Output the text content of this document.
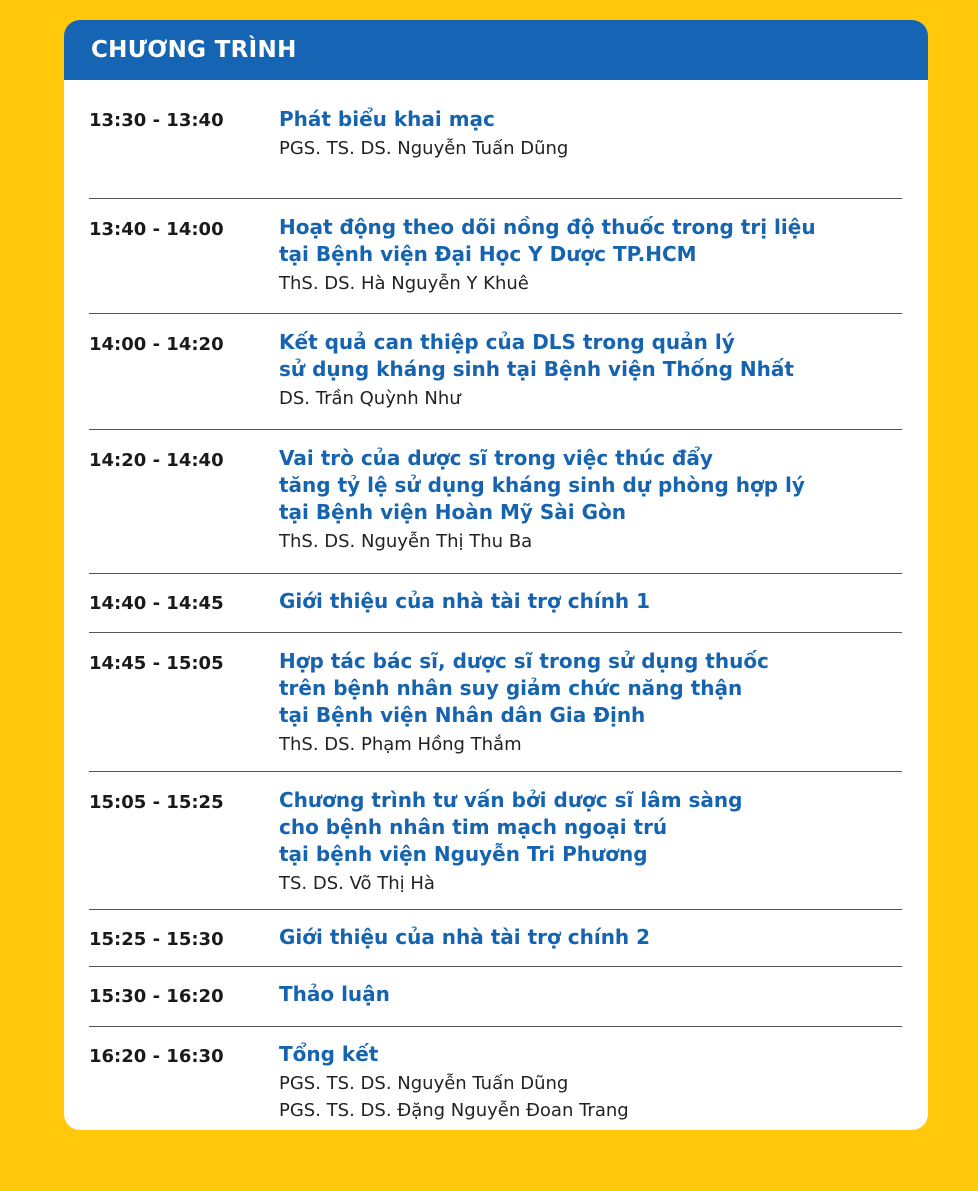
CHƯƠNG TRÌNH
13:30 - 13:40	Phát biểu khai mạc
PGS. TS. DS. Nguyễn Tuấn Dũng
13:40 - 14:00	Hoạt động theo dõi nồng độ thuốc trong trị liệu
tại Bệnh viện Đại Học Y Dược TP.HCM
ThS. DS. Hà Nguyễn Y Khuê
14:00 - 14:20	Kết quả can thiệp của DLS trong quản lý
sử dụng kháng sinh tại Bệnh viện Thống Nhất
DS. Trần Quỳnh Như
14:20 - 14:40	Vai trò của dược sĩ trong việc thúc đẩy
tăng tỷ lệ sử dụng kháng sinh dự phòng hợp lý
tại Bệnh viện Hoàn Mỹ Sài Gòn
ThS. DS. Nguyễn Thị Thu Ba
14:40 - 14:45	Giới thiệu của nhà tài trợ chính 1
14:45 - 15:05	Hợp tác bác sĩ, dược sĩ trong sử dụng thuốc
trên bệnh nhân suy giảm chức năng thận
tại Bệnh viện Nhân dân Gia Định
ThS. DS. Phạm Hồng Thắm
15:05 - 15:25	Chương trình tư vấn bởi dược sĩ lâm sàng
cho bệnh nhân tim mạch ngoại trú
tại bệnh viện Nguyễn Tri Phương
TS. DS. Võ Thị Hà
15:25 - 15:30	Giới thiệu của nhà tài trợ chính 2
15:30 - 16:20	Thảo luận
16:20 - 16:30	Tổng kết
PGS. TS. DS. Nguyễn Tuấn Dũng
PGS. TS. DS. Đặng Nguyễn Đoan Trang
